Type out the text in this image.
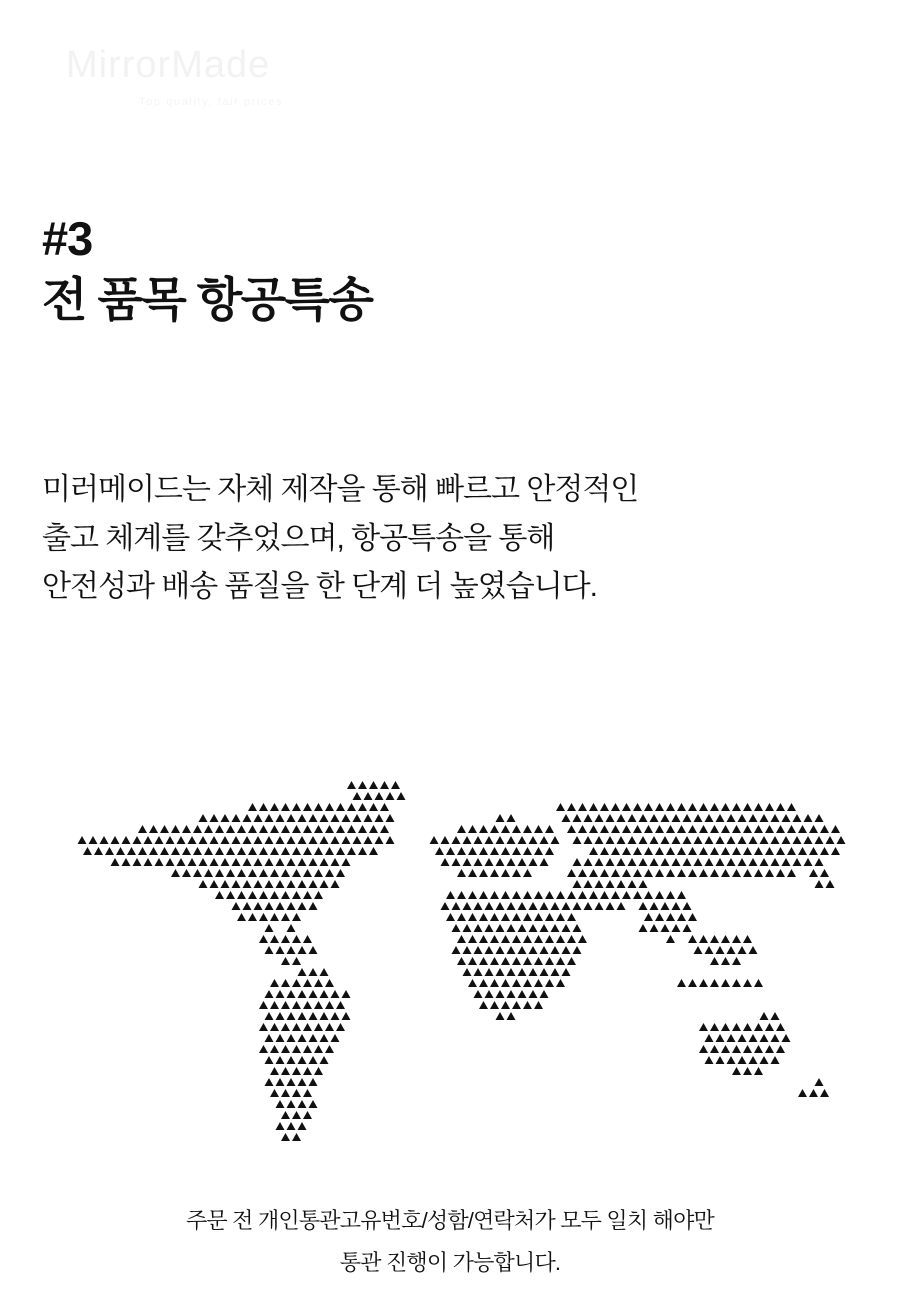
MirrorMade
Top quality, fair prices
#3
전 품목 항공특송
미러메이드는 자체 제작을 통해 빠르고 안정적인
출고 체계를 갖추었으며, 항공특송을 통해
안전성과 배송 품질을 한 단계 더 높였습니다.
주문 전 개인통관고유번호/성함/연락처가 모두 일치 해야만
통관 진행이 가능합니다.
